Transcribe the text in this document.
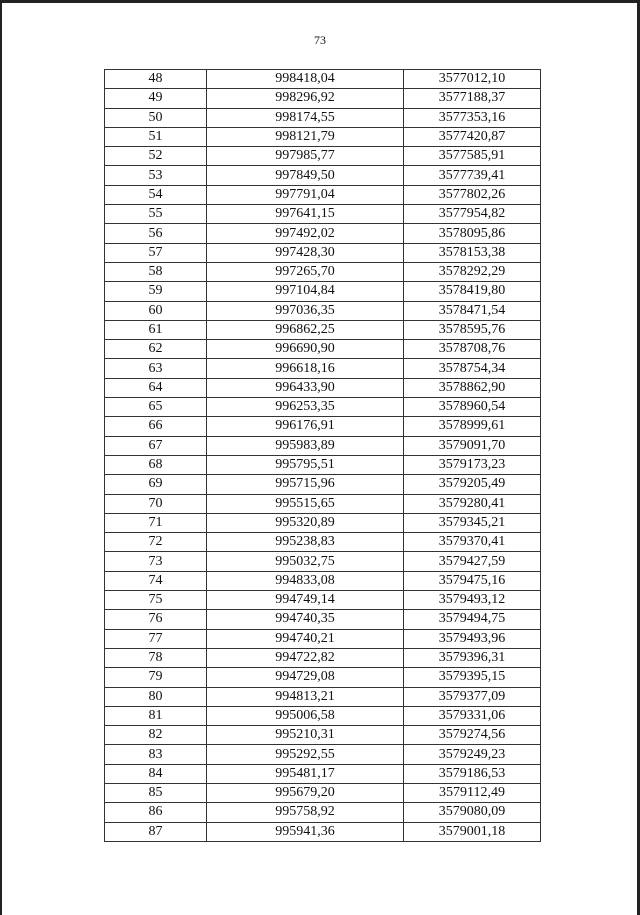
73
48	998418,04	3577012,10
49	998296,92	3577188,37
50	998174,55	3577353,16
51	998121,79	3577420,87
52	997985,77	3577585,91
53	997849,50	3577739,41
54	997791,04	3577802,26
55	997641,15	3577954,82
56	997492,02	3578095,86
57	997428,30	3578153,38
58	997265,70	3578292,29
59	997104,84	3578419,80
60	997036,35	3578471,54
61	996862,25	3578595,76
62	996690,90	3578708,76
63	996618,16	3578754,34
64	996433,90	3578862,90
65	996253,35	3578960,54
66	996176,91	3578999,61
67	995983,89	3579091,70
68	995795,51	3579173,23
69	995715,96	3579205,49
70	995515,65	3579280,41
71	995320,89	3579345,21
72	995238,83	3579370,41
73	995032,75	3579427,59
74	994833,08	3579475,16
75	994749,14	3579493,12
76	994740,35	3579494,75
77	994740,21	3579493,96
78	994722,82	3579396,31
79	994729,08	3579395,15
80	994813,21	3579377,09
81	995006,58	3579331,06
82	995210,31	3579274,56
83	995292,55	3579249,23
84	995481,17	3579186,53
85	995679,20	3579112,49
86	995758,92	3579080,09
87	995941,36	3579001,18
